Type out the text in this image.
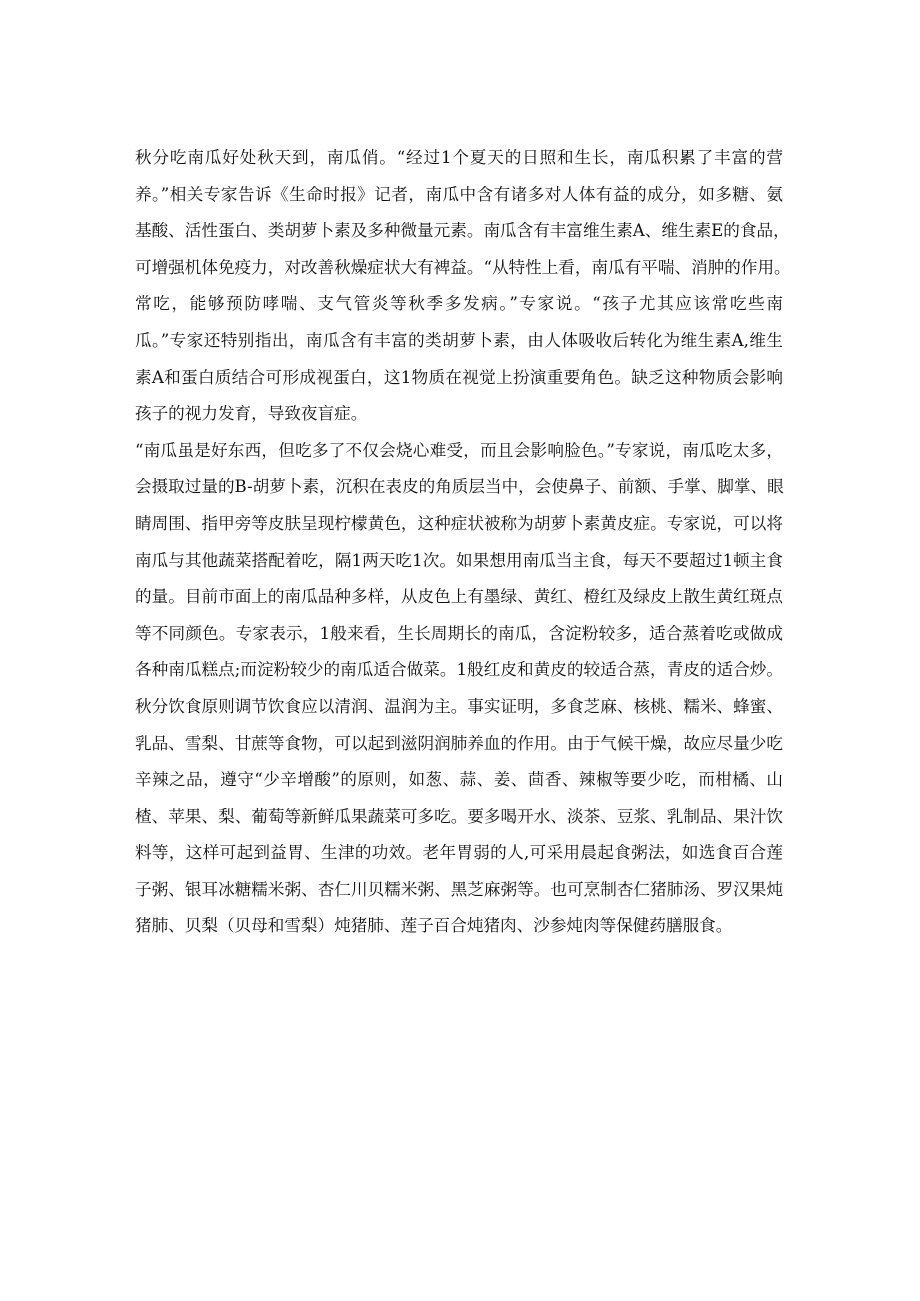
秋分吃南瓜好处秋天到，南瓜俏。“经过1个夏天的日照和生长，南瓜积累了丰富的营
养。”相关专家告诉《生命时报》记者，南瓜中含有诸多对人体有益的成分，如多糖、氨
基酸、活性蛋白、类胡萝卜素及多种微量元素。南瓜含有丰富维生素A、维生素E的食品，
可增强机体免疫力，对改善秋燥症状大有裨益。“从特性上看，南瓜有平喘、消肿的作用。
常吃，能够预防哮喘、支气管炎等秋季多发病。”专家说。“孩子尤其应该常吃些南
瓜。”专家还特别指出，南瓜含有丰富的类胡萝卜素，由人体吸收后转化为维生素A,维生
素A和蛋白质结合可形成视蛋白，这1物质在视觉上扮演重要角色。缺乏这种物质会影响
孩子的视力发育，导致夜盲症。
“南瓜虽是好东西，但吃多了不仅会烧心难受，而且会影响脸色。”专家说，南瓜吃太多，
会摄取过量的B-胡萝卜素，沉积在表皮的角质层当中，会使鼻子、前额、手掌、脚掌、眼
睛周围、指甲旁等皮肤呈现柠檬黄色，这种症状被称为胡萝卜素黄皮症。专家说，可以将
南瓜与其他蔬菜搭配着吃，隔1两天吃1次。如果想用南瓜当主食，每天不要超过1顿主食
的量。目前市面上的南瓜品种多样，从皮色上有墨绿、黄红、橙红及绿皮上散生黄红斑点
等不同颜色。专家表示，1般来看，生长周期长的南瓜，含淀粉较多，适合蒸着吃或做成
各种南瓜糕点;而淀粉较少的南瓜适合做菜。1般红皮和黄皮的较适合蒸，青皮的适合炒。
秋分饮食原则调节饮食应以清润、温润为主。事实证明，多食芝麻、核桃、糯米、蜂蜜、
乳品、雪梨、甘蔗等食物，可以起到滋阴润肺养血的作用。由于气候干燥，故应尽量少吃
辛辣之品，遵守“少辛增酸”的原则，如葱、蒜、姜、茴香、辣椒等要少吃，而柑橘、山
楂、苹果、梨、葡萄等新鲜瓜果蔬菜可多吃。要多喝开水、淡茶、豆浆、乳制品、果汁饮
料等，这样可起到益胃、生津的功效。老年胃弱的人,可采用晨起食粥法，如选食百合莲
子粥、银耳冰糖糯米粥、杏仁川贝糯米粥、黑芝麻粥等。也可烹制杏仁猪肺汤、罗汉果炖
猪肺、贝梨（贝母和雪梨）炖猪肺、莲子百合炖猪肉、沙参炖肉等保健药膳服食。
